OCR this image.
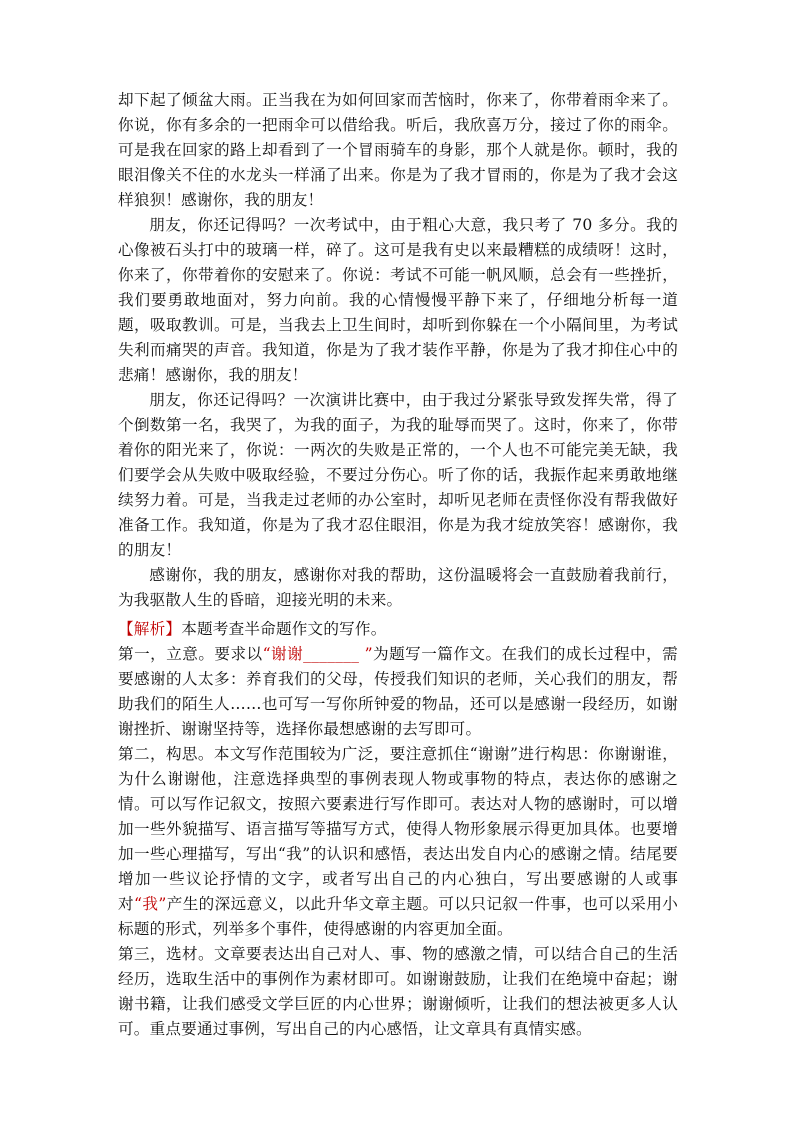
却下起了倾盆大雨。正当我在为如何回家而苦恼时，你来了，你带着雨伞来了。你说，你有多余的一把雨伞可以借给我。听后，我欣喜万分，接过了你的雨伞。可是我在回家的路上却看到了一个冒雨骑车的身影，那个人就是你。顿时，我的眼泪像关不住的水龙头一样涌了出来。你是为了我才冒雨的，你是为了我才会这样狼狈！感谢你，我的朋友！

朋友，你还记得吗？一次考试中，由于粗心大意，我只考了 70 多分。我的心像被石头打中的玻璃一样，碎了。这可是我有史以来最糟糕的成绩呀！这时，你来了，你带着你的安慰来了。你说：考试不可能一帆风顺，总会有一些挫折，我们要勇敢地面对，努力向前。我的心情慢慢平静下来了，仔细地分析每一道题，吸取教训。可是，当我去上卫生间时，却听到你躲在一个小隔间里，为考试失利而痛哭的声音。我知道，你是为了我才装作平静，你是为了我才抑住心中的悲痛！感谢你，我的朋友！

朋友，你还记得吗？一次演讲比赛中，由于我过分紧张导致发挥失常，得了个倒数第一名，我哭了，为我的面子，为我的耻辱而哭了。这时，你来了，你带着你的阳光来了，你说：一两次的失败是正常的，一个人也不可能完美无缺，我们要学会从失败中吸取经验，不要过分伤心。听了你的话，我振作起来勇敢地继续努力着。可是，当我走过老师的办公室时，却听见老师在责怪你没有帮我做好准备工作。我知道，你是为了我才忍住眼泪，你是为我才绽放笑容！感谢你，我的朋友！

感谢你，我的朋友，感谢你对我的帮助，这份温暖将会一直鼓励着我前行，为我驱散人生的昏暗，迎接光明的未来。

【解析】本题考查半命题作文的写作。

第一，立意。要求以“谢谢_______ ”为题写一篇作文。在我们的成长过程中，需要感谢的人太多：养育我们的父母，传授我们知识的老师，关心我们的朋友，帮助我们的陌生人……也可写一写你所钟爱的物品，还可以是感谢一段经历，如谢谢挫折、谢谢坚持等，选择你最想感谢的去写即可。

第二，构思。本文写作范围较为广泛，要注意抓住“谢谢”进行构思：你谢谢谁，为什么谢谢他，注意选择典型的事例表现人物或事物的特点，表达你的感谢之情。可以写作记叙文，按照六要素进行写作即可。表达对人物的感谢时，可以增加一些外貌描写、语言描写等描写方式，使得人物形象展示得更加具体。也要增加一些心理描写，写出“我”的认识和感悟，表达出发自内心的感谢之情。结尾要增加一些议论抒情的文字，或者写出自己的内心独白，写出要感谢的人或事对“我”产生的深远意义，以此升华文章主题。可以只记叙一件事，也可以采用小标题的形式，列举多个事件，使得感谢的内容更加全面。

第三，选材。文章要表达出自己对人、事、物的感激之情，可以结合自己的生活经历，选取生活中的事例作为素材即可。如谢谢鼓励，让我们在绝境中奋起；谢谢书籍，让我们感受文学巨匠的内心世界；谢谢倾听，让我们的想法被更多人认可。重点要通过事例，写出自己的内心感悟，让文章具有真情实感。
